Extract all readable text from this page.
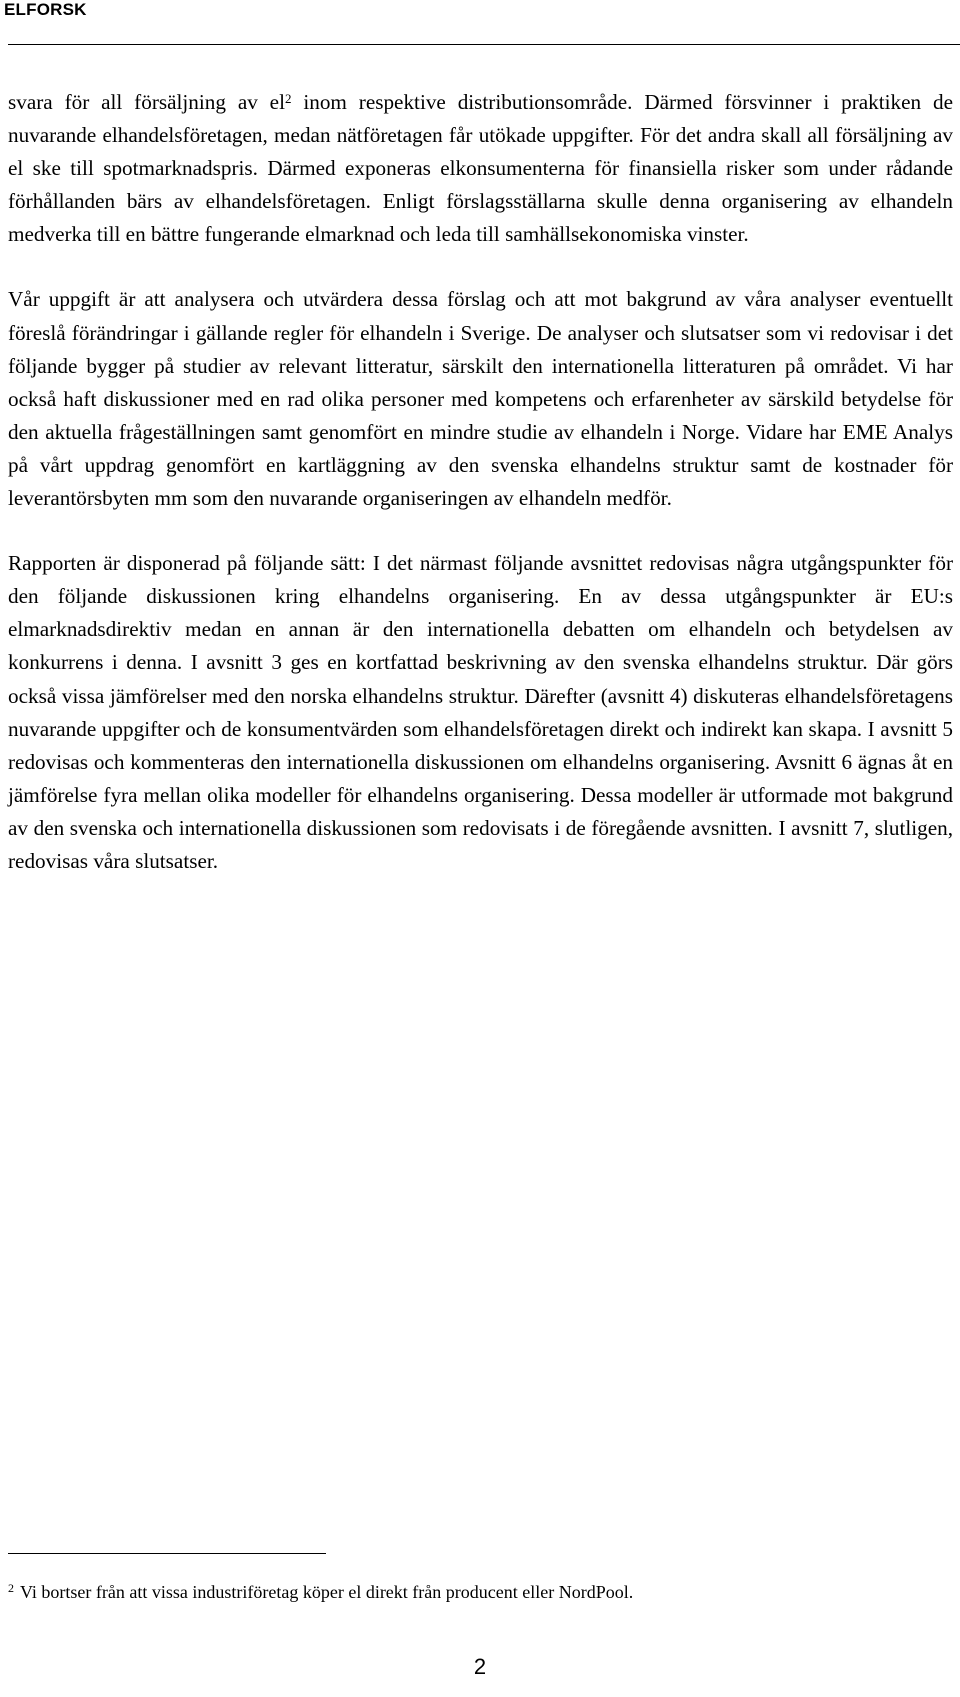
ELFORSK

svara för all försäljning av el$^2$ inom respektive distributionsområde. Därmed försvinner i praktiken de nuvarande elhandelsföretagen, medan nätföretagen får utökade uppgifter. För det andra skall all försäljning av el ske till spotmarknadspris. Därmed exponeras elkonsumenterna för finansiella risker som under rådande förhållanden bärs av elhandelsföretagen. Enligt förslagsställarna skulle denna organisering av elhandeln medverka till en bättre fungerande elmarknad och leda till samhällsekonomiska vinster.

Vår uppgift är att analysera och utvärdera dessa förslag och att mot bakgrund av våra analyser eventuellt föreslå förändringar i gällande regler för elhandeln i Sverige. De analyser och slutsatser som vi redovisar i det följande bygger på studier av relevant litteratur, särskilt den internationella litteraturen på området. Vi har också haft diskussioner med en rad olika personer med kompetens och erfarenheter av särskild betydelse för den aktuella frågeställningen samt genomfört en mindre studie av elhandeln i Norge. Vidare har EME Analys på vårt uppdrag genomfört en kartläggning av den svenska elhandelns struktur samt de kostnader för leverantörsbyten mm som den nuvarande organiseringen av elhandeln medför.

Rapporten är disponerad på följande sätt: I det närmast följande avsnittet redovisas några utgångspunkter för den följande diskussionen kring elhandelns organisering. En av dessa utgångspunkter är EU:s elmarknadsdirektiv medan en annan är den internationella debatten om elhandeln och betydelsen av konkurrens i denna. I avsnitt 3 ges en kortfattad beskrivning av den svenska elhandelns struktur. Där görs också vissa jämförelser med den norska elhandelns struktur. Därefter (avsnitt 4) diskuteras elhandelsföretagens nuvarande uppgifter och de konsumentvärden som elhandelsföretagen direkt och indirekt kan skapa. I avsnitt 5 redovisas och kommenteras den internationella diskussionen om elhandelns organisering. Avsnitt 6 ägnas åt en jämförelse fyra mellan olika modeller för elhandelns organisering. Dessa modeller är utformade mot bakgrund av den svenska och internationella diskussionen som redovisats i de föregående avsnitten. I avsnitt 7, slutligen, redovisas våra slutsatser.

$^2$ Vi bortser från att vissa industriföretag köper el direkt från producent eller NordPool.
2
